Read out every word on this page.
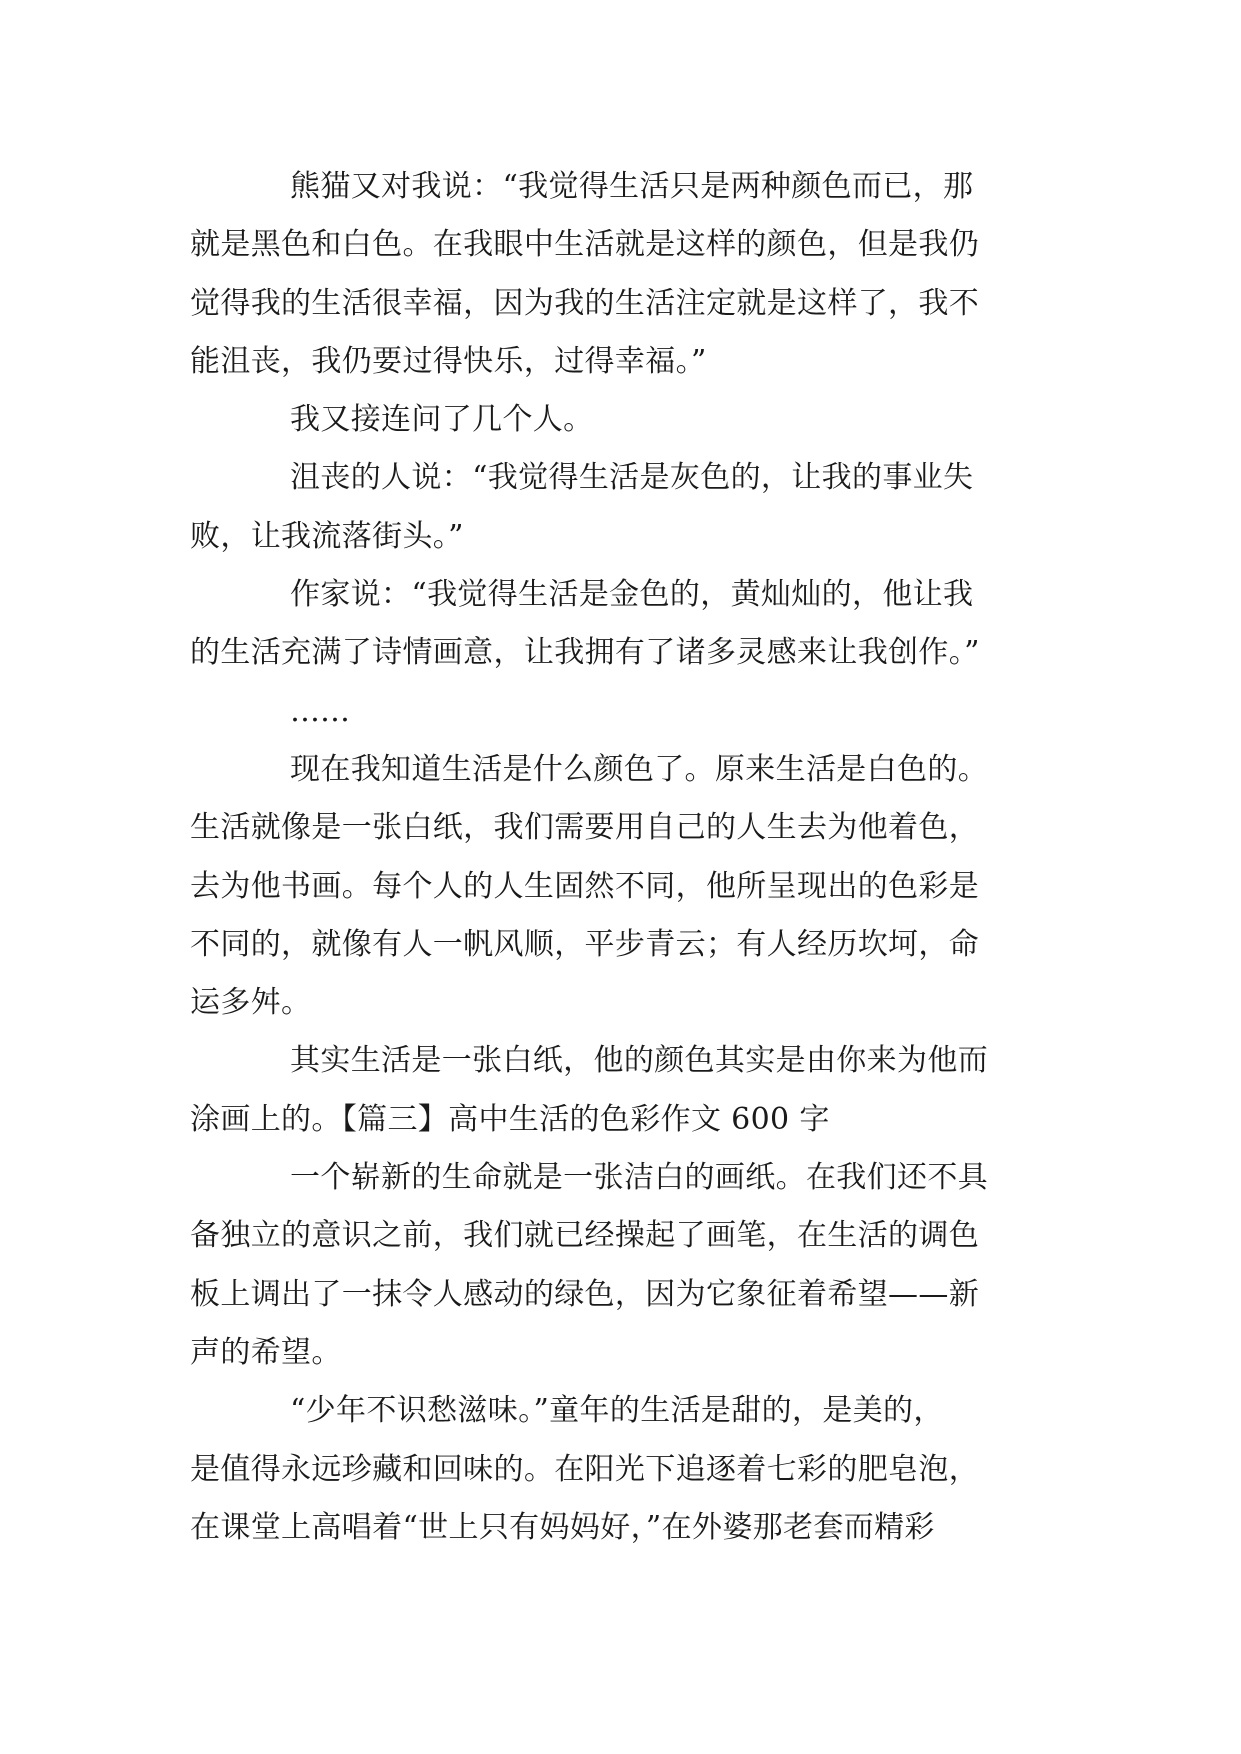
熊猫又对我说：“我觉得生活只是两种颜色而已，那
就是黑色和白色。在我眼中生活就是这样的颜色，但是我仍
觉得我的生活很幸福，因为我的生活注定就是这样了，我不
能沮丧，我仍要过得快乐，过得幸福。”
我又接连问了几个人。
沮丧的人说：“我觉得生活是灰色的，让我的事业失
败，让我流落街头。”
作家说：“我觉得生活是金色的，黄灿灿的，他让我
的生活充满了诗情画意，让我拥有了诸多灵感来让我创作。”
……
现在我知道生活是什么颜色了。原来生活是白色的。
生活就像是一张白纸，我们需要用自己的人生去为他着色，
去为他书画。每个人的人生固然不同，他所呈现出的色彩是
不同的，就像有人一帆风顺，平步青云；有人经历坎坷，命
运多舛。
其实生活是一张白纸，他的颜色其实是由你来为他而
涂画上的。【篇三】高中生活的色彩作文 600 字
一个崭新的生命就是一张洁白的画纸。在我们还不具
备独立的意识之前，我们就已经操起了画笔，在生活的调色
板上调出了一抹令人感动的绿色，因为它象征着希望——新
声的希望。
“少年不识愁滋味。”童年的生活是甜的，是美的，
是值得永远珍藏和回味的。在阳光下追逐着七彩的肥皂泡，
在课堂上高唱着“世上只有妈妈好，”在外婆那老套而精彩
